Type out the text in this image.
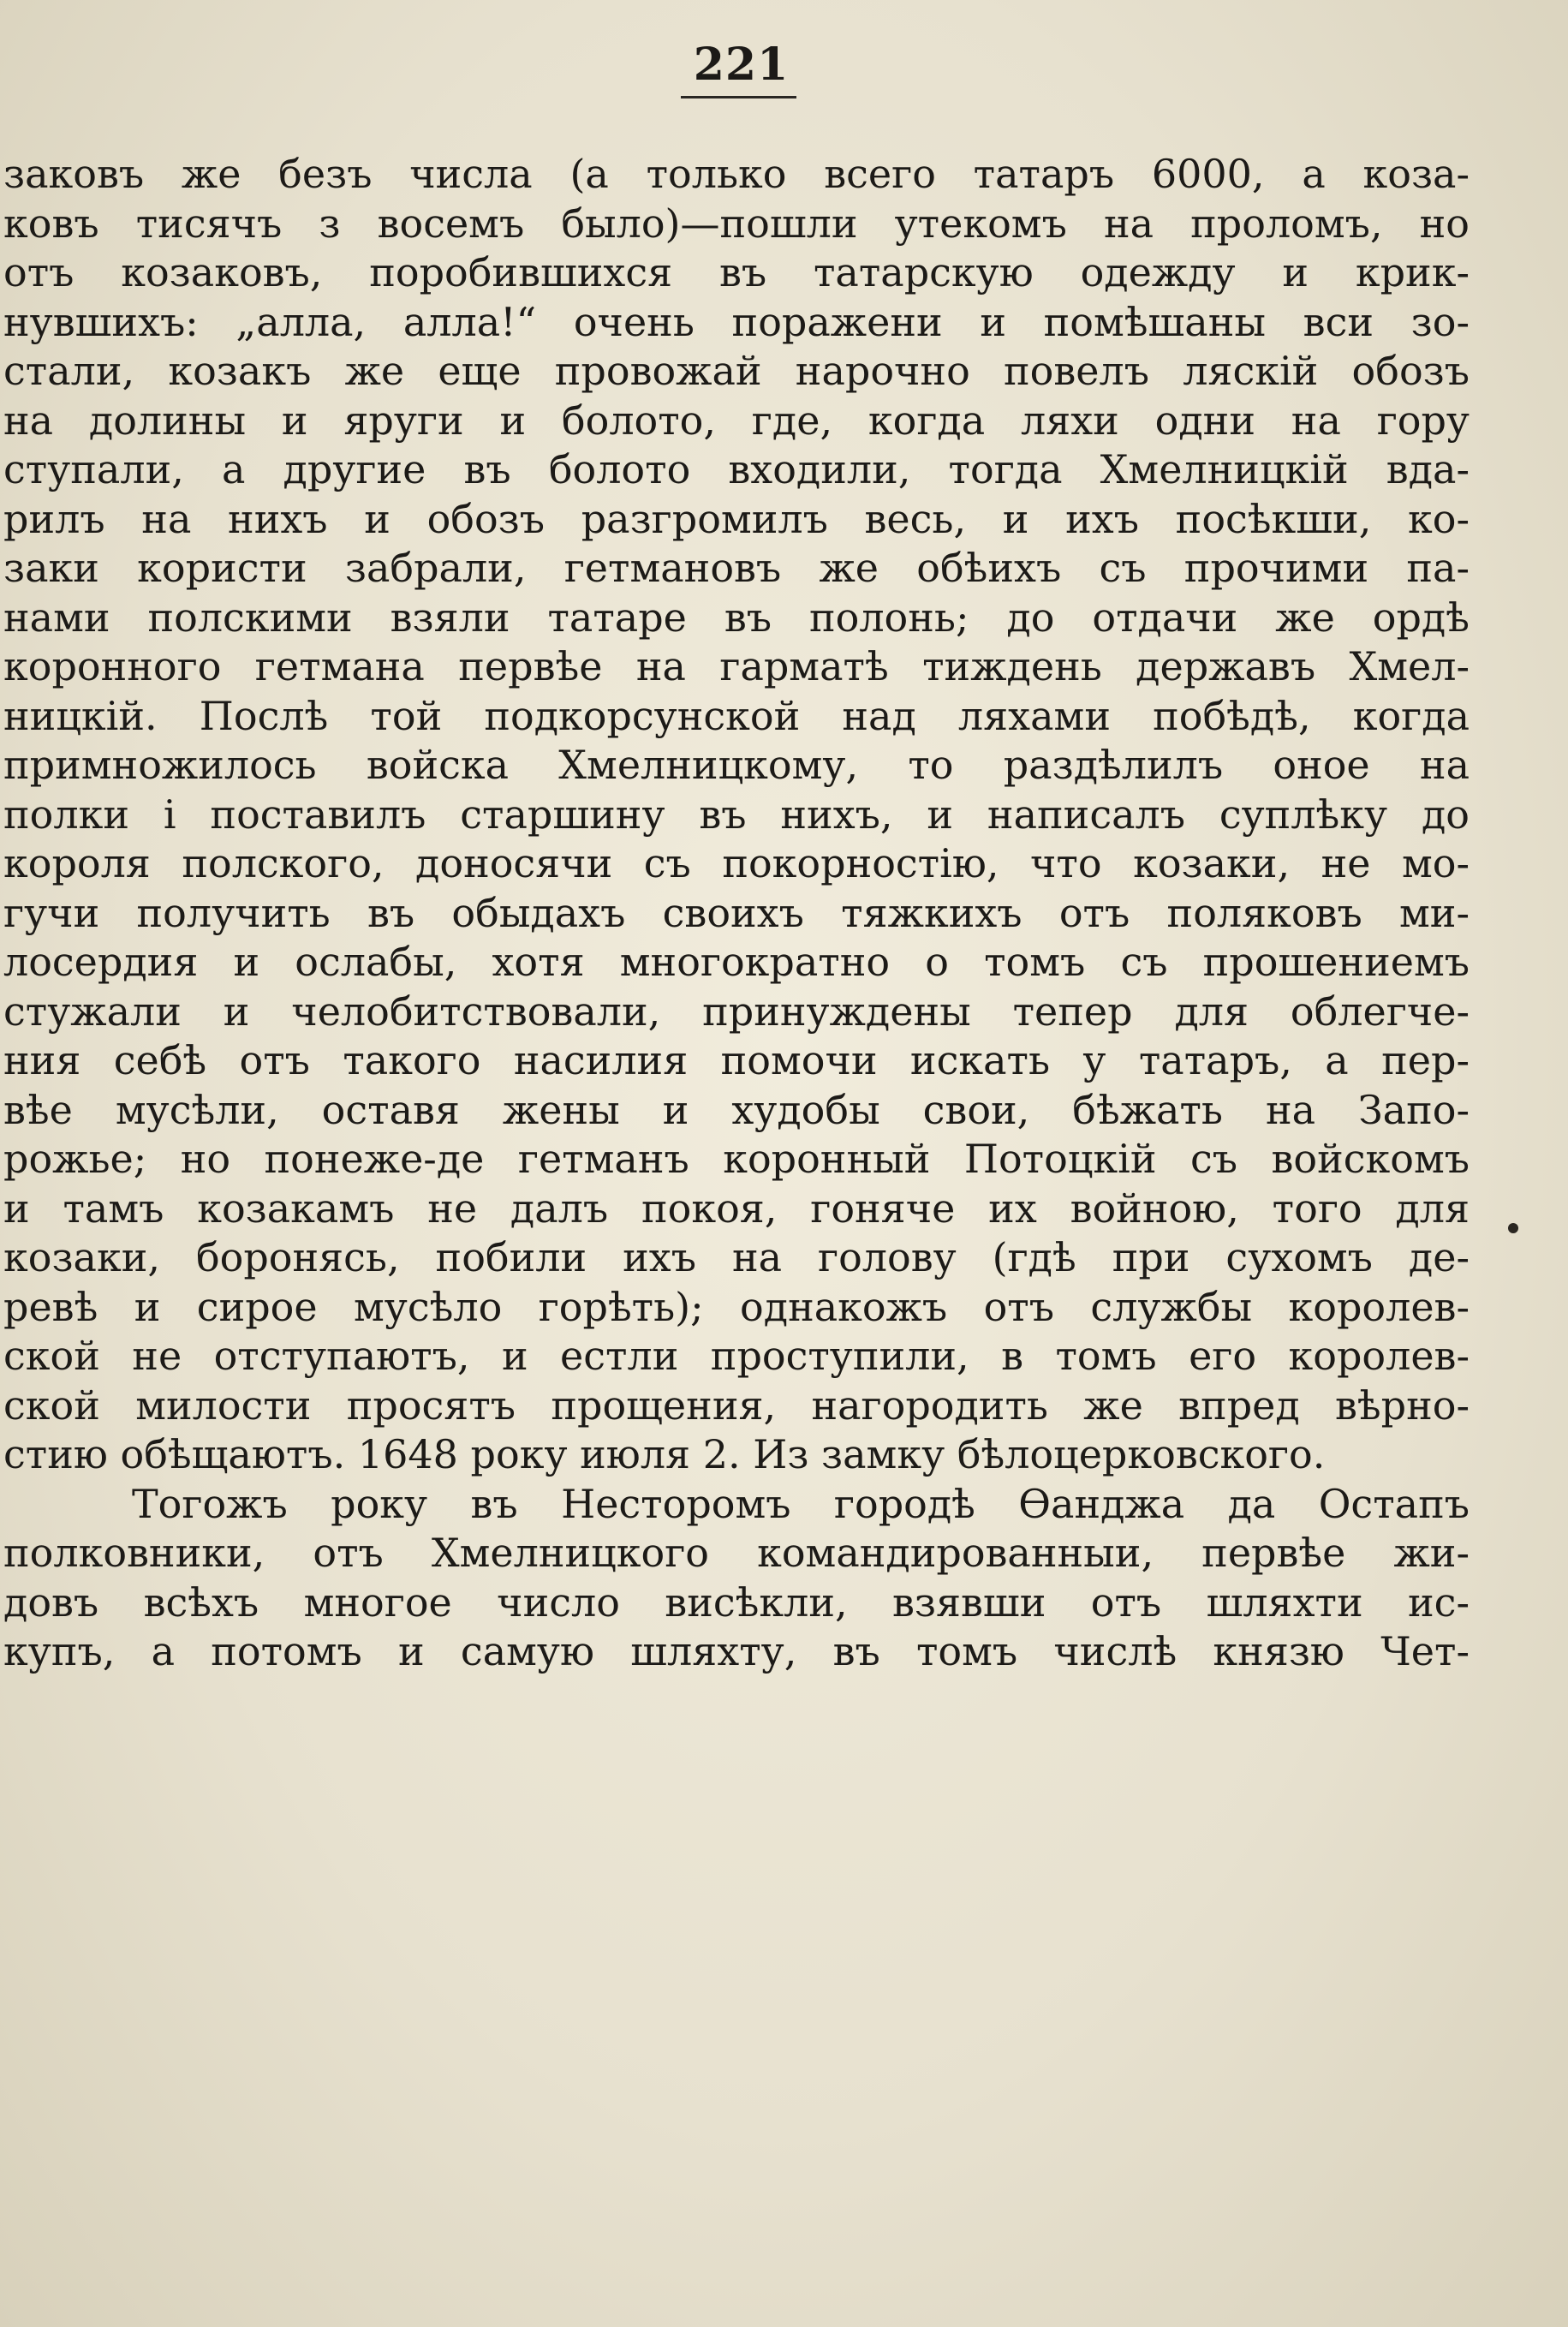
221
заковъ же безъ числа (а только всего татаръ 6000, а коза-
ковъ тисячъ з восемъ было)—пошли утекомъ на проломъ, но
отъ козаковъ, поробившихся въ татарскую одежду и крик-
нувшихъ: „алла, алла!“ очень поражени и помѣшаны вси зо-
стали, козакъ же еще провожай нарочно повелъ ляскiй обозъ
на долины и яруги и болото, где, когда ляхи одни на гору
ступали, а другие въ болото входили, тогда Хмелницкiй вда-
рилъ на нихъ и обозъ разгромилъ весь, и ихъ посѣкши, ко-
заки користи забрали, гетмановъ же обѣихъ съ прочими па-
нами полскими взяли татаре въ полонь; до отдачи же ордѣ
коронного гетмана первѣе на гарматѣ тиждень державъ Хмел-
ницкiй. Послѣ той подкорсунской над ляхами побѣдѣ, когда
примножилось войска Хмелницкому, то раздѣлилъ оное на
полки i поставилъ старшину въ нихъ, и написалъ суплѣку до
короля полского, доносячи съ покорностiю, что козаки, не мо-
гучи получить въ обыдахъ своихъ тяжкихъ отъ поляковъ ми-
лосердия и ослабы, хотя многократно о томъ съ прошениемъ
стужали и челобитствовали, принуждены тепер для облегче-
ния себѣ отъ такого насилия помочи искать у татаръ, а пер-
вѣе мусѣли, оставя жены и худобы свои, бѣжать на Запо-
рожье; но понеже-де гетманъ коронный Потоцкiй съ войскомъ
и тамъ козакамъ не далъ покоя, гоняче их войною, того для
козаки, боронясь, побили ихъ на голову (гдѣ при сухомъ де-
ревѣ и сирое мусѣло горѣть); однакожъ отъ службы королев-
ской не отступаютъ, и естли проступили, в томъ его королев-
ской милости просятъ прощения, нагородить же впред вѣрно-
стию обѣщаютъ. 1648 року июля 2. Из замку бѣлоцерковского.
Тогожъ року въ Несторомъ городѣ Ѳанджа да Остапъ
полковники, отъ Хмелницкого командированныи, первѣе жи-
довъ всѣхъ многое число висѣкли, взявши отъ шляхти ис-
купъ, а потомъ и самую шляхту, въ томъ числѣ князю Чет-
